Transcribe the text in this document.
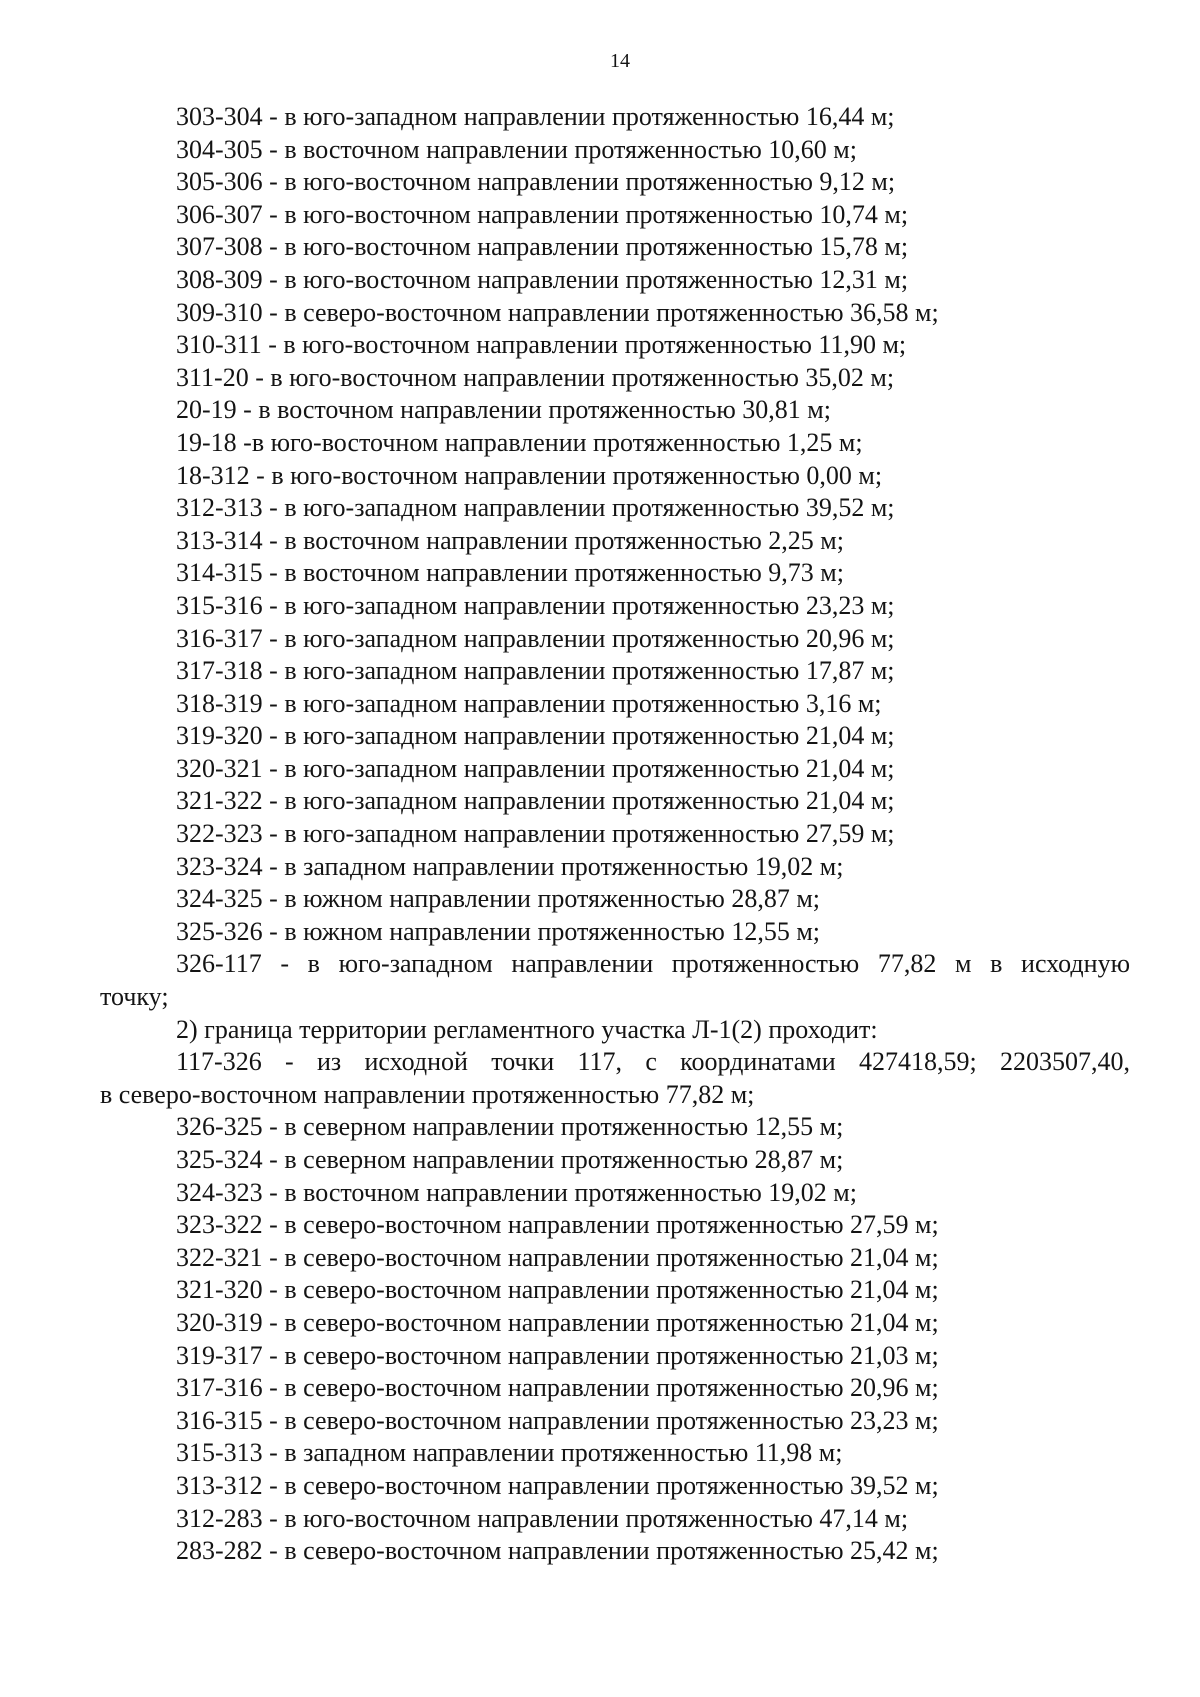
14
303-304 - в юго-западном направлении протяженностью 16,44 м;
304-305 - в восточном направлении протяженностью 10,60 м;
305-306 - в юго-восточном направлении протяженностью 9,12 м;
306-307 - в юго-восточном направлении протяженностью 10,74 м;
307-308 - в юго-восточном направлении протяженностью 15,78 м;
308-309 - в юго-восточном направлении протяженностью 12,31 м;
309-310 - в северо-восточном направлении протяженностью 36,58 м;
310-311 - в юго-восточном направлении протяженностью 11,90 м;
311-20 - в юго-восточном направлении протяженностью 35,02 м;
20-19 - в восточном направлении протяженностью 30,81 м;
19-18 -в юго-восточном направлении протяженностью 1,25 м;
18-312 - в юго-восточном направлении протяженностью 0,00 м;
312-313 - в юго-западном направлении протяженностью 39,52 м;
313-314 - в восточном направлении протяженностью 2,25 м;
314-315 - в восточном направлении протяженностью 9,73 м;
315-316 - в юго-западном направлении протяженностью 23,23 м;
316-317 - в юго-западном направлении протяженностью 20,96 м;
317-318 - в юго-западном направлении протяженностью 17,87 м;
318-319 - в юго-западном направлении протяженностью 3,16 м;
319-320 - в юго-западном направлении протяженностью 21,04 м;
320-321 - в юго-западном направлении протяженностью 21,04 м;
321-322 - в юго-западном направлении протяженностью 21,04 м;
322-323 - в юго-западном направлении протяженностью 27,59 м;
323-324 - в западном направлении протяженностью 19,02 м;
324-325 - в южном направлении протяженностью 28,87 м;
325-326 - в южном направлении протяженностью 12,55 м;
326-117 - в юго-западном направлении протяженностью 77,82 м в исходную
точку;
2) граница территории регламентного участка Л-1(2) проходит:
117-326 - из исходной точки 117, с координатами 427418,59; 2203507,40,
в северо-восточном направлении протяженностью 77,82 м;
326-325 - в северном направлении протяженностью 12,55 м;
325-324 - в северном направлении протяженностью 28,87 м;
324-323 - в восточном направлении протяженностью 19,02 м;
323-322 - в северо-восточном направлении протяженностью 27,59 м;
322-321 - в северо-восточном направлении протяженностью 21,04 м;
321-320 - в северо-восточном направлении протяженностью 21,04 м;
320-319 - в северо-восточном направлении протяженностью 21,04 м;
319-317 - в северо-восточном направлении протяженностью 21,03 м;
317-316 - в северо-восточном направлении протяженностью 20,96 м;
316-315 - в северо-восточном направлении протяженностью 23,23 м;
315-313 - в западном направлении протяженностью 11,98 м;
313-312 - в северо-восточном направлении протяженностью 39,52 м;
312-283 - в юго-восточном направлении протяженностью 47,14 м;
283-282 - в северо-восточном направлении протяженностью 25,42 м;
